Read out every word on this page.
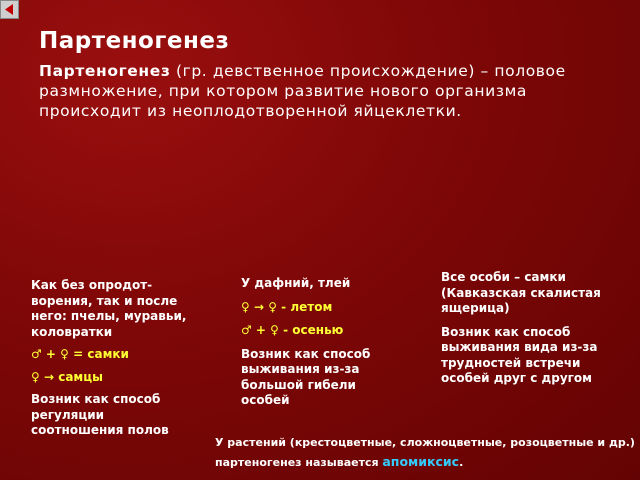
Партеногенез
Партеногенез (гр. девственное происхождение) – половое размножение, при котором развитие нового организма происходит из неоплодотворенной яйцеклетки.

Как без опродот-ворения, так и после него: пчелы, муравьи, коловратки

♂ + ♀ = самки

♀ → самцы

Возник как способ регуляции соотношения полов

У дафний, тлей

♀ → ♀ - летом

♂ + ♀ - осенью

Возник как способ выживания из-за большой гибели особей

Все особи – самки (Кавказская скалистая ящерица)

Возник как способ выживания вида из-за трудностей встречи особей друг с другом

У растений (крестоцветные, сложноцветные, розоцветные и др.)
партеногенез называется апомиксис.
